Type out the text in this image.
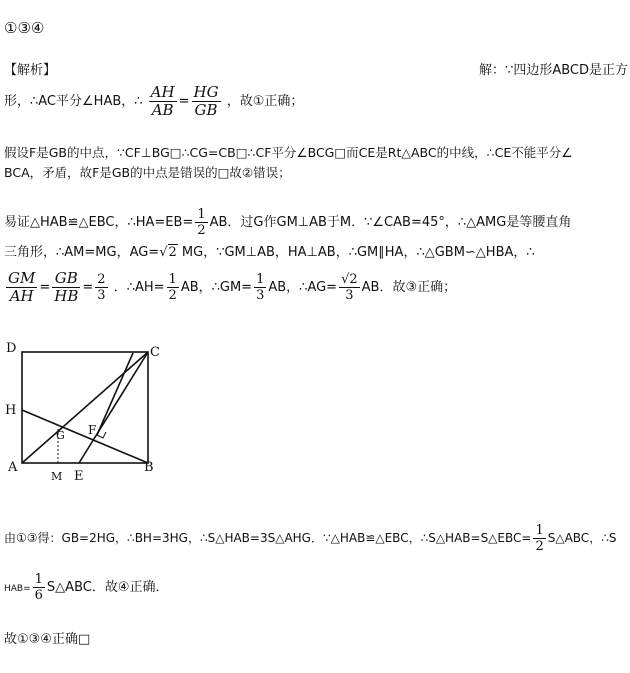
①③④
【解析】	解：∵四边形ABCD是正方
形，∴AC平分∠HAB，∴ $\frac{AH}{AB} = \frac{HG}{GB}$ ，故①正确；
假设F是GB的中点，∵CF⊥BG□∴CG=CB□∴CF平分∠BCG□而CE是Rt△ABC的中线，∴CE不能平分∠
BCA，矛盾，故F是GB的中点是错误的□故②错误；
易证△HAB≌△EBC，∴HA=EB= $\frac{1}{2}$ AB．过G作GM⊥AB于M．∵∠CAB=45°，∴△AMG是等腰直角
三角形，∴AM=MG，AG=√2 MG，∵GM⊥AB，HA⊥AB，∴GM∥HA，∴△GBM∽△HBA，∴
$\frac{GM}{AH} = \frac{GB}{HB} = \frac{2}{3}$ ．∴AH= $\frac{1}{2}$ AB，∴GM= $\frac{1}{3}$ AB，∴AG= $\frac{√2}{3}$ AB．故③正确；
D	C
H
G F
A	B
M E
由①③得：GB=2HG，∴BH=3HG，∴S△HAB=3S△AHG．∵△HAB≌△EBC，∴S△HAB=S△EBC= $\frac{1}{2}$ S△ABC，∴S
$HAB= \frac{1}{6}$ S△ABC．故④正确．
故①③④正确□
